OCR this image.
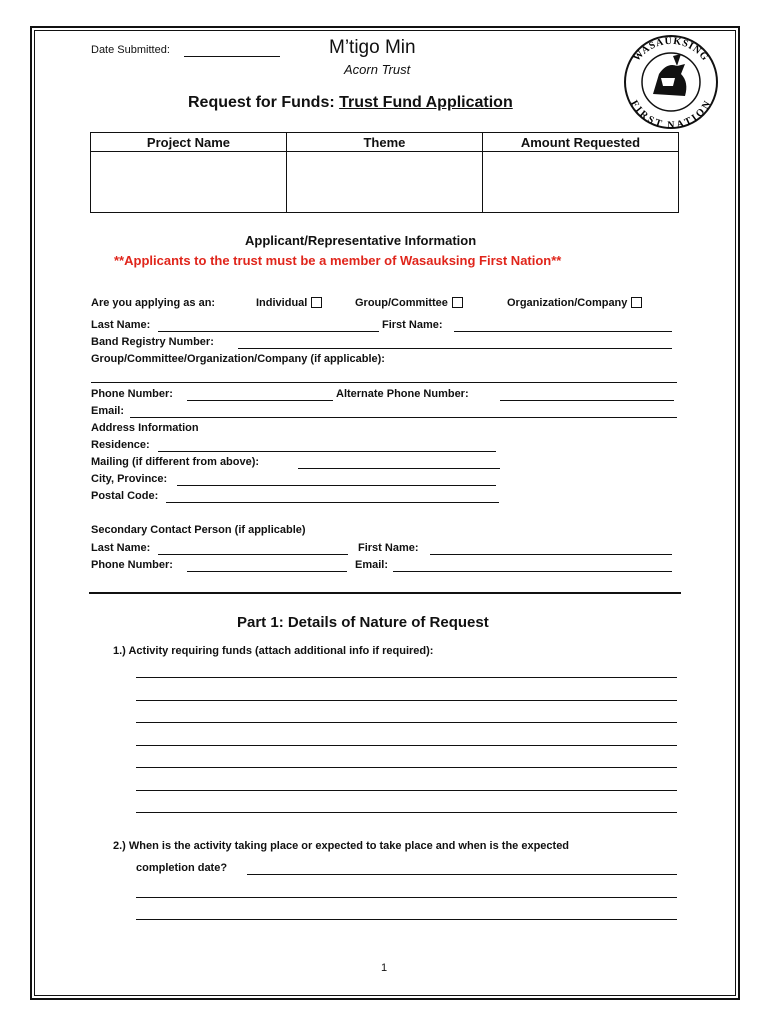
Date Submitted:	M’tigo Min
Acorn Trust
WASAUKSING
FIRST NATION
Request for Funds: Trust Fund Application
Project Name	Theme	Amount Requested

Applicant/Representative Information
**Applicants to the trust must be a member of Wasauksing First Nation**
Are you applying as an:	Individual	Group/Committee	Organization/Company
Last Name:	First Name:
Band Registry Number:
Group/Committee/Organization/Company (if applicable):
Phone Number:	Alternate Phone Number:
Email:
Address Information
Residence:
Mailing (if different from above):
City, Province:
Postal Code:
Secondary Contact Person (if applicable)
Last Name:	First Name:
Phone Number:	Email:
Part 1: Details of Nature of Request
1.) Activity requiring funds (attach additional info if required):
2.) When is the activity taking place or expected to take place and when is the expected
completion date?
1
